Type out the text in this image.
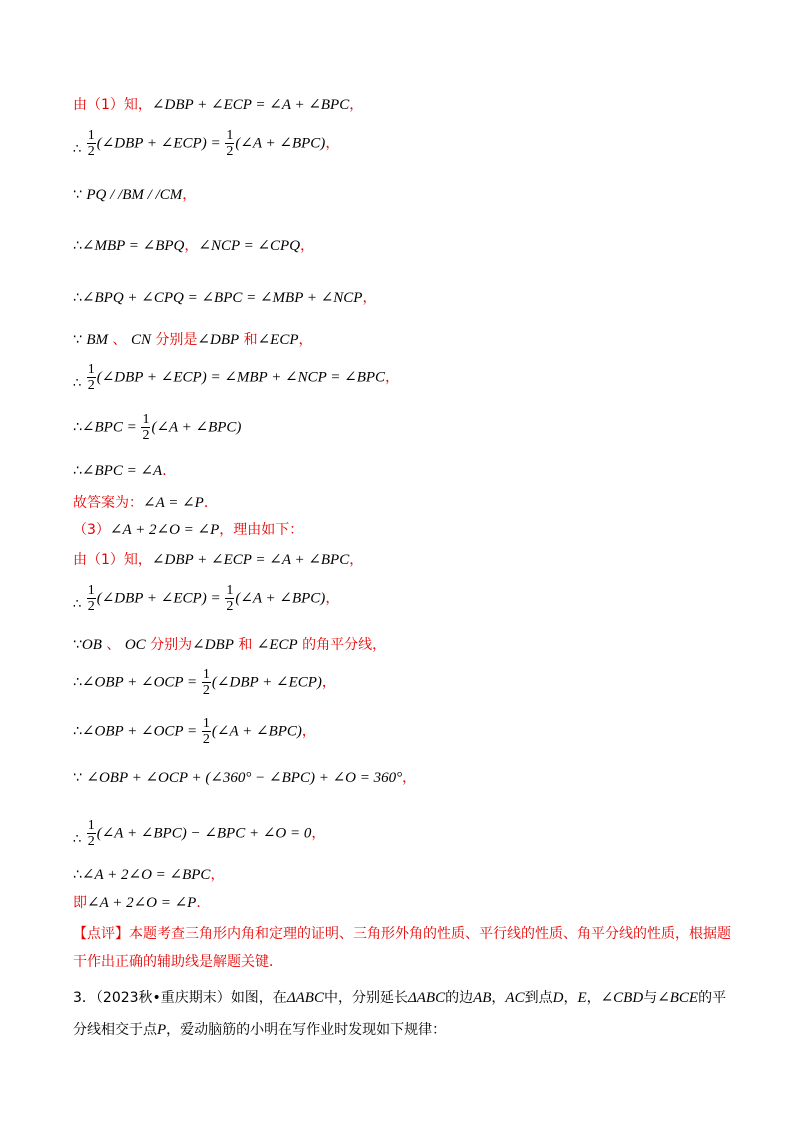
由（1）知，∠DBP + ∠ECP = ∠A + ∠BPC，
∴ $\frac{1}{2}$ (∠DBP + ∠ECP) = $\frac{1}{2}$ (∠A + ∠BPC)，
∵ PQ / /BM / /CM，
∴∠MBP = ∠BPQ，∠NCP = ∠CPQ，
∴∠BPQ + ∠CPQ = ∠BPC = ∠MBP + ∠NCP，
∵ BM 、 CN 分别是∠DBP 和∠ECP，
∴ $\frac{1}{2}$ (∠DBP + ∠ECP) = ∠MBP + ∠NCP = ∠BPC，
∴∠BPC = $\frac{1}{2}$ (∠A + ∠BPC)
∴∠BPC = ∠A．
故答案为：∠A = ∠P．
（3）∠A + 2∠O = ∠P，理由如下：
由（1）知，∠DBP + ∠ECP = ∠A + ∠BPC，
∴ $\frac{1}{2}$ (∠DBP + ∠ECP) = $\frac{1}{2}$ (∠A + ∠BPC)，
∵OB 、 OC 分别为∠DBP 和 ∠ECP 的角平分线，
∴∠OBP + ∠OCP = $\frac{1}{2}$ (∠DBP + ∠ECP)，
∴∠OBP + ∠OCP = $\frac{1}{2}$ (∠A + ∠BPC)，
∵ ∠OBP + ∠OCP + (∠360° − ∠BPC) + ∠O = 360°，
∴ $\frac{1}{2}$ (∠A + ∠BPC) − ∠BPC + ∠O = 0，
∴∠A + 2∠O = ∠BPC，
即∠A + 2∠O = ∠P．
【点评】本题考查三角形内角和定理的证明、三角形外角的性质、平行线的性质、角平分线的性质，根据题干作出正确的辅助线是解题关键．
3．（2023秋•重庆期末）如图，在ΔABC中，分别延长ΔABC的边AB，AC到点D，E，∠CBD与∠BCE的平分线相交于点P，爱动脑筋的小明在写作业时发现如下规律：
